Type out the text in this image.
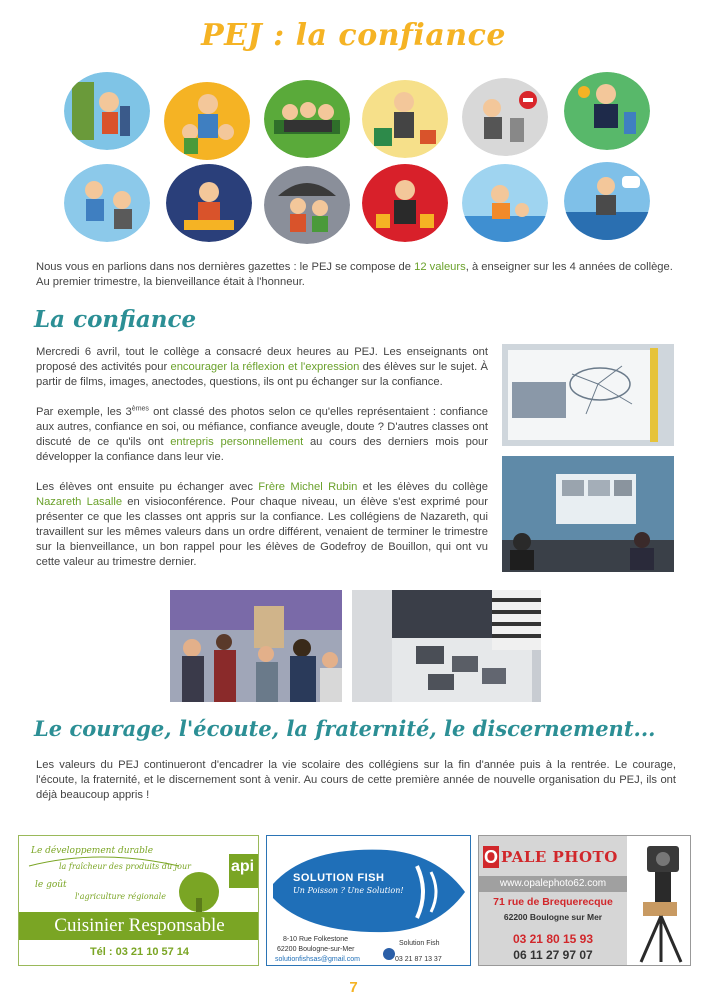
PEJ : la confiance
Nous vous en parlions dans nos dernières gazettes : le PEJ se compose de 12 valeurs, à enseigner sur les 4 années de collège. Au premier trimestre, la bienveillance était à l'honneur.
La confiance

Mercredi 6 avril, tout le collège a consacré deux heures au PEJ. Les enseignants ont proposé des activités pour encourager la réflexion et l'expression des élèves sur le sujet. À partir de films, images, anectodes, questions, ils ont pu échanger sur la confiance.

Par exemple, les 3èmes ont classé des photos selon ce qu'elles représentaient : confiance aux autres, confiance en soi, ou méfiance, confiance aveugle, doute ? D'autres classes ont discuté de ce qu'ils ont entrepris personnellement au cours des derniers mois pour développer la confiance dans leur vie.

Les élèves ont ensuite pu échanger avec Frère Michel Rubin et les élèves du collège Nazareth Lasalle en visioconférence. Pour chaque niveau, un élève s'est exprimé pour présenter ce que les classes ont appris sur la confiance. Les collégiens de Nazareth, qui travaillent sur les mêmes valeurs dans un ordre différent, venaient de terminer le trimestre sur la bienveillance, un bon rappel pour les élèves de Godefroy de Bouillon, qui ont vu cette valeur au trimestre dernier.

Le courage, l'écoute, la fraternité, le discernement...
Les valeurs du PEJ continueront d'encadrer la vie scolaire des collégiens sur la fin d'année puis à la rentrée. Le courage, l'écoute, la fraternité, et le discernement sont à venir. Au cours de cette première année de nouvelle organisation du PEJ, ils ont déjà beaucoup appris !
Le développement durable
la fraîcheur des produits du jour
le goût
l'agriculture régionale
api
Cuisinier Responsable
Tél : 03 21 10 57 14
SOLUTION FISH
Un Poisson ? Une Solution!
8-10 Rue Folkestone
62200 Boulogne-sur-Mer
solutionfishsas@gmail.com
Solution Fish
03 21 87 13 37
O PALE PHOTO
www.opalephoto62.com
71 rue de Brequerecque
62200 Boulogne sur Mer
03 21 80 15 93
06 11 27 97 07
7
